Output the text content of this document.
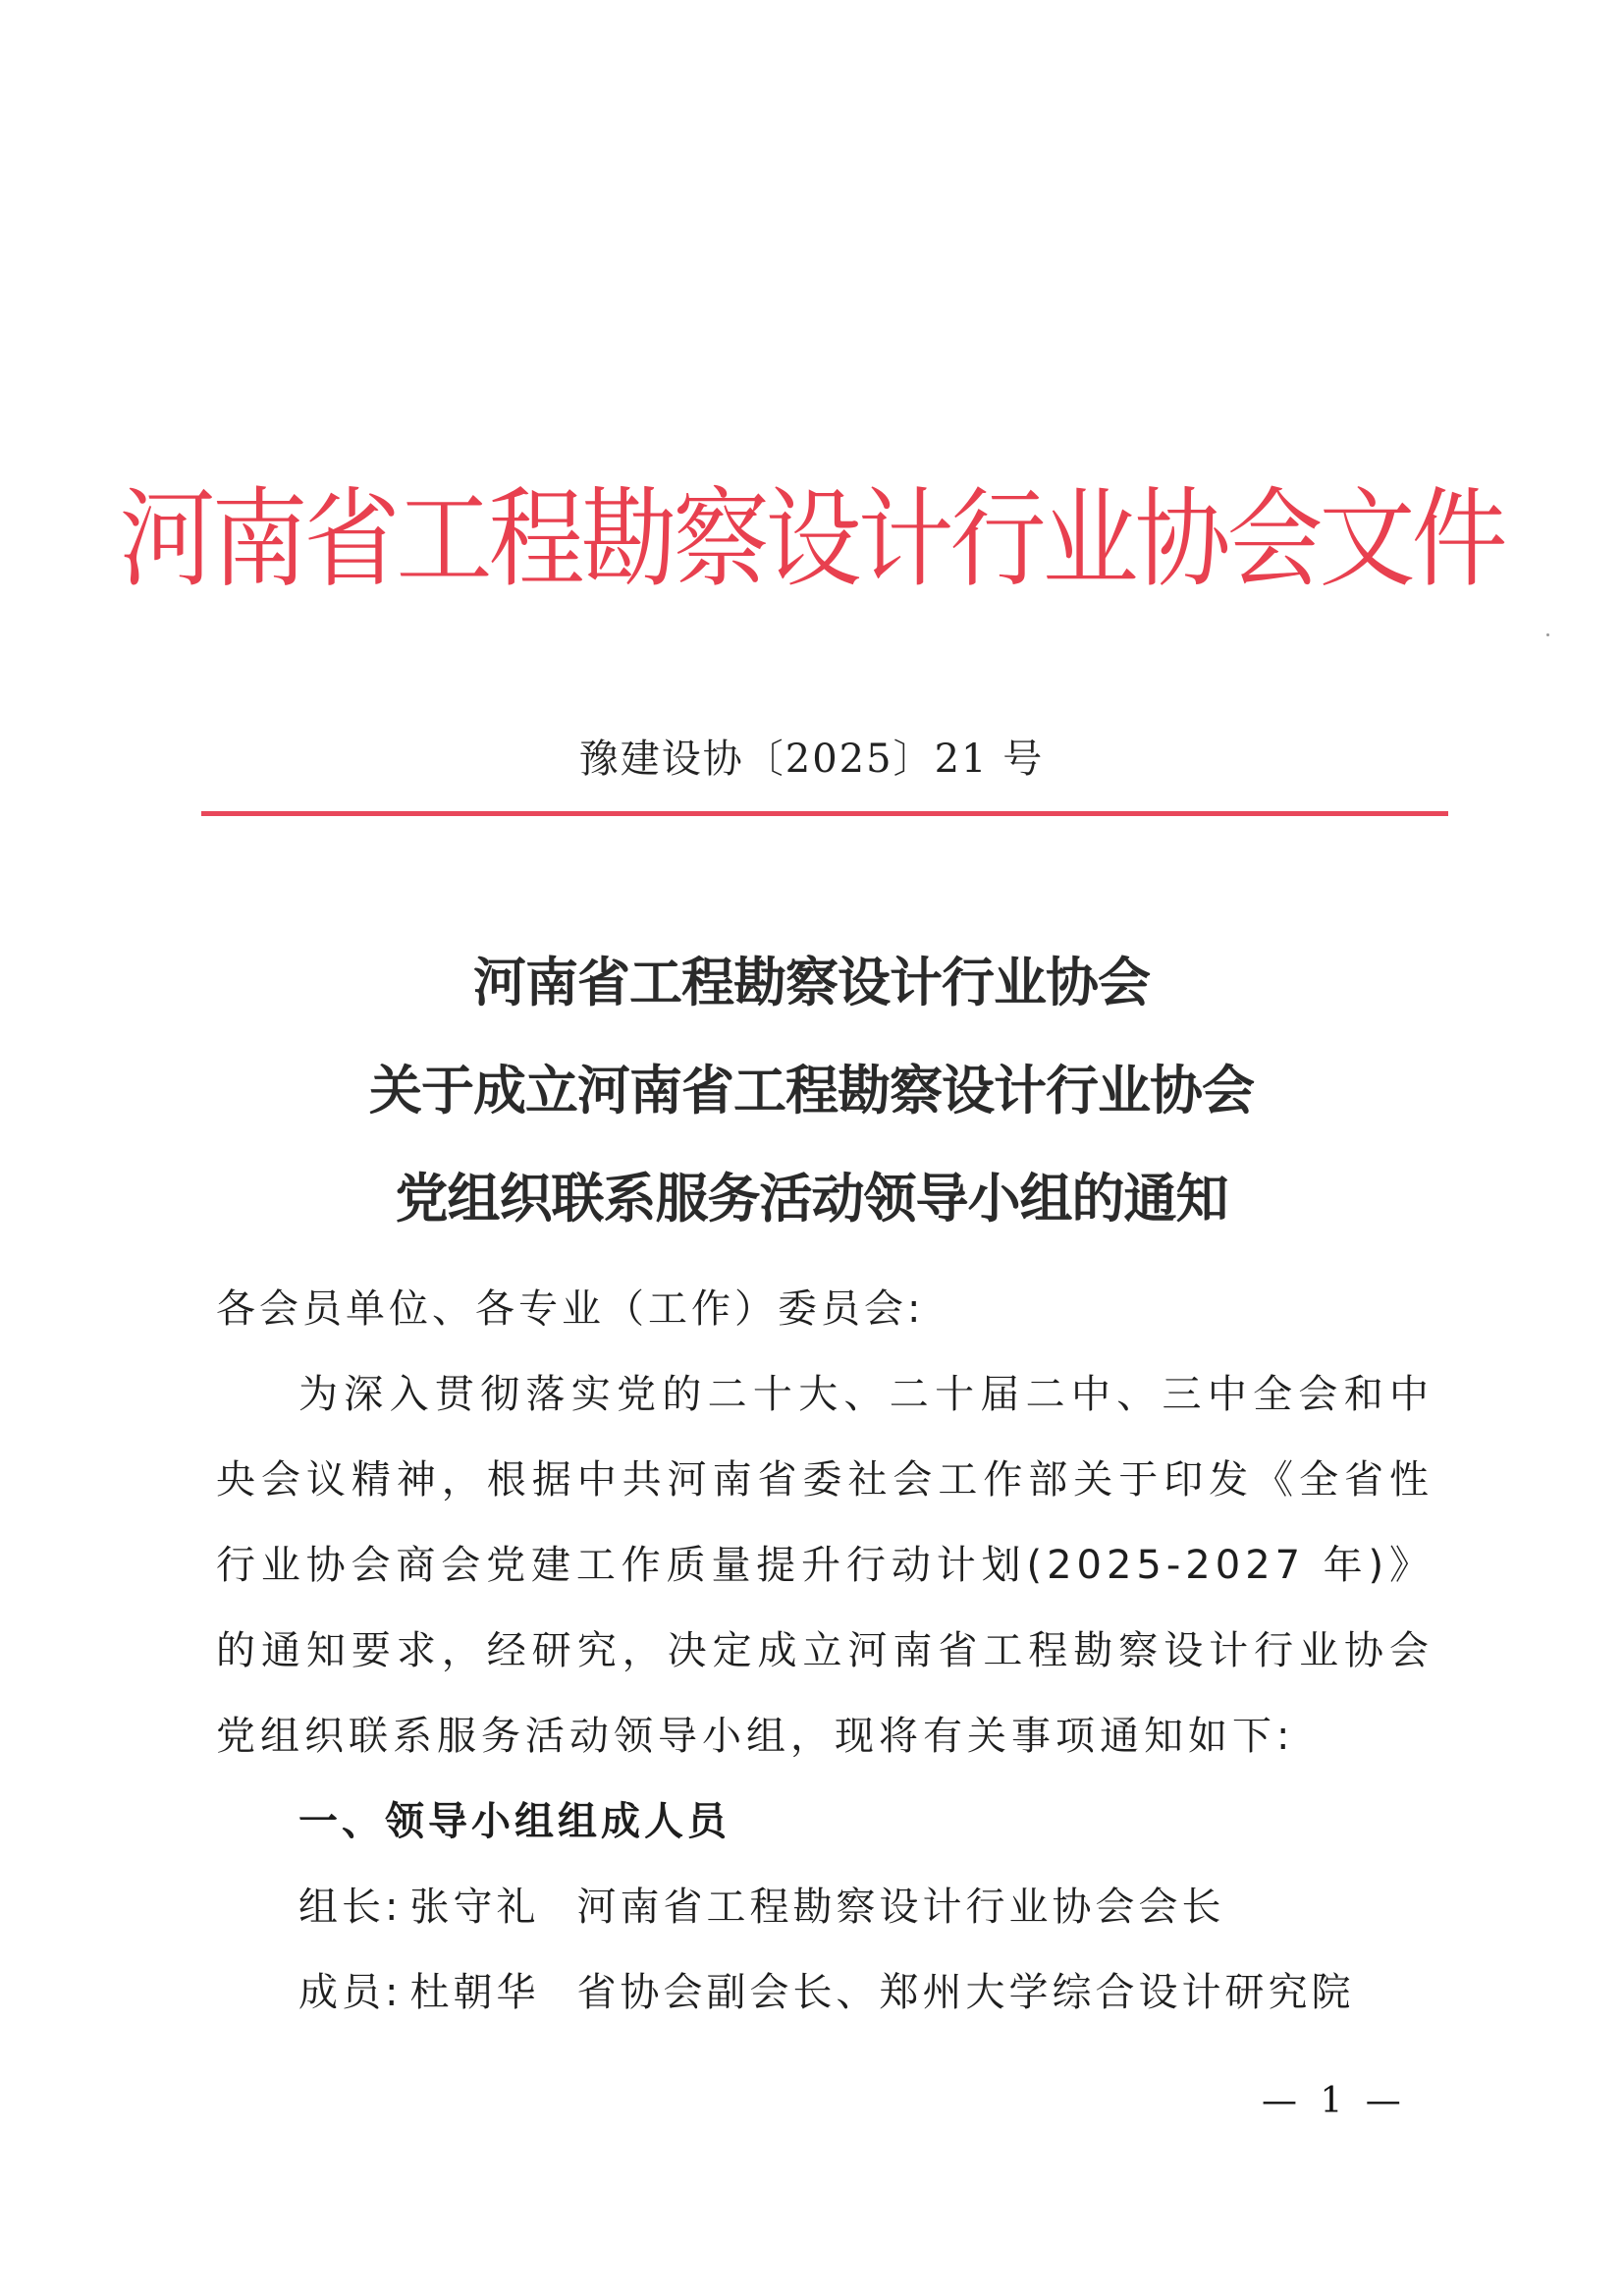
河南省工程勘察设计行业协会文件
豫建设协〔2025〕21 号

河南省工程勘察设计行业协会

关于成立河南省工程勘察设计行业协会

党组织联系服务活动领导小组的通知

各会员单位、各专业（工作）委员会:

为深入贯彻落实党的二十大、二十届二中、三中全会和中央会议精神，根据中共河南省委社会工作部关于印发《全省性行业协会商会党建工作质量提升行动计划(2025-2027 年)》的通知要求，经研究，决定成立河南省工程勘察设计行业协会党组织联系服务活动领导小组，现将有关事项通知如下:

一、领导小组组成人员

组长: 张守礼 河南省工程勘察设计行业协会会长

成员: 杜朝华 省协会副会长、郑州大学综合设计研究院

— 1 —
